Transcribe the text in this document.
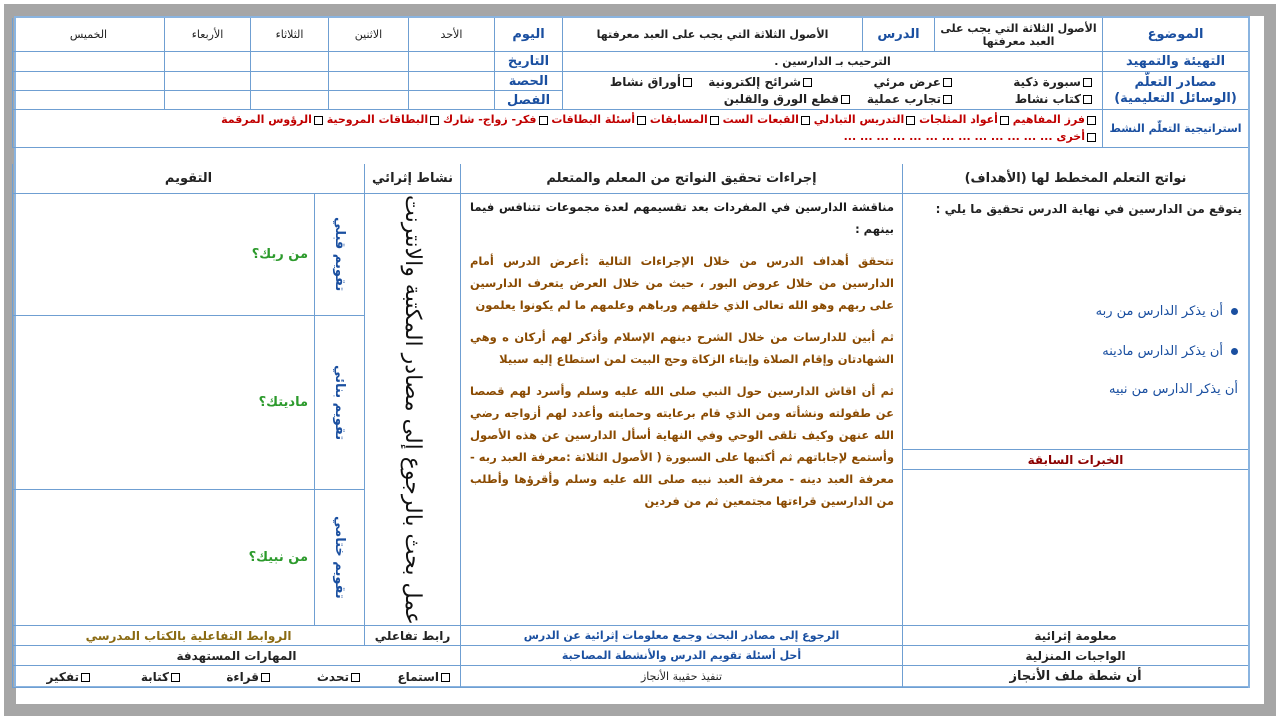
الموضوع
الأصول الثلاثة التي يجب على العبد معرفتها
الدرس
الأصول الثلاثة التي يجب على العبد معرفتها
اليوم
الأحد
الاثنين
الثلاثاء
الأربعاء
الخميس
التهيئة والتمهيد
الترحيب بـ الدارسين .
التاريخ
مصادر التعلّم
(الوسائل التعليمية)
سبورة ذكية
عرض مرئي
شرائح إلكترونية
أوراق نشاط
كتاب نشاط
تجارب عملية
قطع الورق والقلبن
الحصة
الفصل
استراتيجية التعلّم النشط
فرز المفاهيم أعواد المثلجات التدريس التبادلي القبعات الست المسابقات أسئلة البطاقات فكر- زواج- شارك البطاقات المروحية الرؤوس المرقمة
أخرى ... ... ... ... ... ... ... ... ... ... ... ... ...
نواتج التعلم المخطط لها (الأهداف)
إجراءات تحقيق النواتج من المعلم والمتعلم
نشاط إثرائي
التقويم
يتوقع من الدارسين في نهاية الدرس تحقيق ما يلي :
أن يذكر الدارس من ربه
أن يذكر الدارس مادينه
أن يذكر الدارس من نبيه
الخبرات السابقة

مناقشة الدارسين في المفردات بعد تقسيمهم لعدة مجموعات تتنافس فيما بينهم :

تتحقق أهداف الدرس من خلال الإجراءات التالية :أعرض الدرس أمام الدارسين من خلال عروض البور ، حيث من خلال العرض يتعرف الدارسين على ربهم وهو الله تعالى الذي خلقهم ورباهم وعلمهم ما لم يكونوا يعلمون

ثم أبين للدارسات من خلال الشرح دينهم الإسلام وأذكر لهم أركان ه وهي الشهادتان وإقام الصلاة وإيتاء الزكاة وحج البيت لمن استطاع إليه سبيلا

ثم أن اقاش الدارسين حول النبي صلى الله عليه وسلم وأسرد لهم قصصا عن طفولته ونشأته ومن الذي قام برعايته وحمايته وأعدد لهم أزواجه رضي الله عنهن وكيف تلقى الوحي وفي النهاية أسأل الدارسين عن هذه الأصول وأستمع لإجاباتهم ثم أكتبها على السبورة ( الأصول الثلاثة :معرفة العبد ربه - معرفة العبد دينه - معرفة العبد نبيه صلى الله عليه وسلم وأقرؤها وأطلب من الدارسين قراءتها مجتمعين ثم من فردين

عمل بحث بالرجوع إلى مصادر المكتبة والانترنت
تقويم قبلي
من ربك؟
تقويم بنائي
ماديتك؟
تقويم ختامي
من نبيك؟
معلومة إثرائية
الرجوع إلى مصادر البحث وجمع معلومات إثرائية عن الدرس
رابط تفاعلي
الروابط التفاعلية بالكتاب المدرسي
الواجبات المنزلية
أحل أسئلة تقويم الدرس والأنشطة المصاحبة
المهارات المستهدفة
أن شطة ملف الأنجاز
تنفيذ حقيبة الأنجاز
استماع
تحدث
قراءة
كتابة
تفكير
